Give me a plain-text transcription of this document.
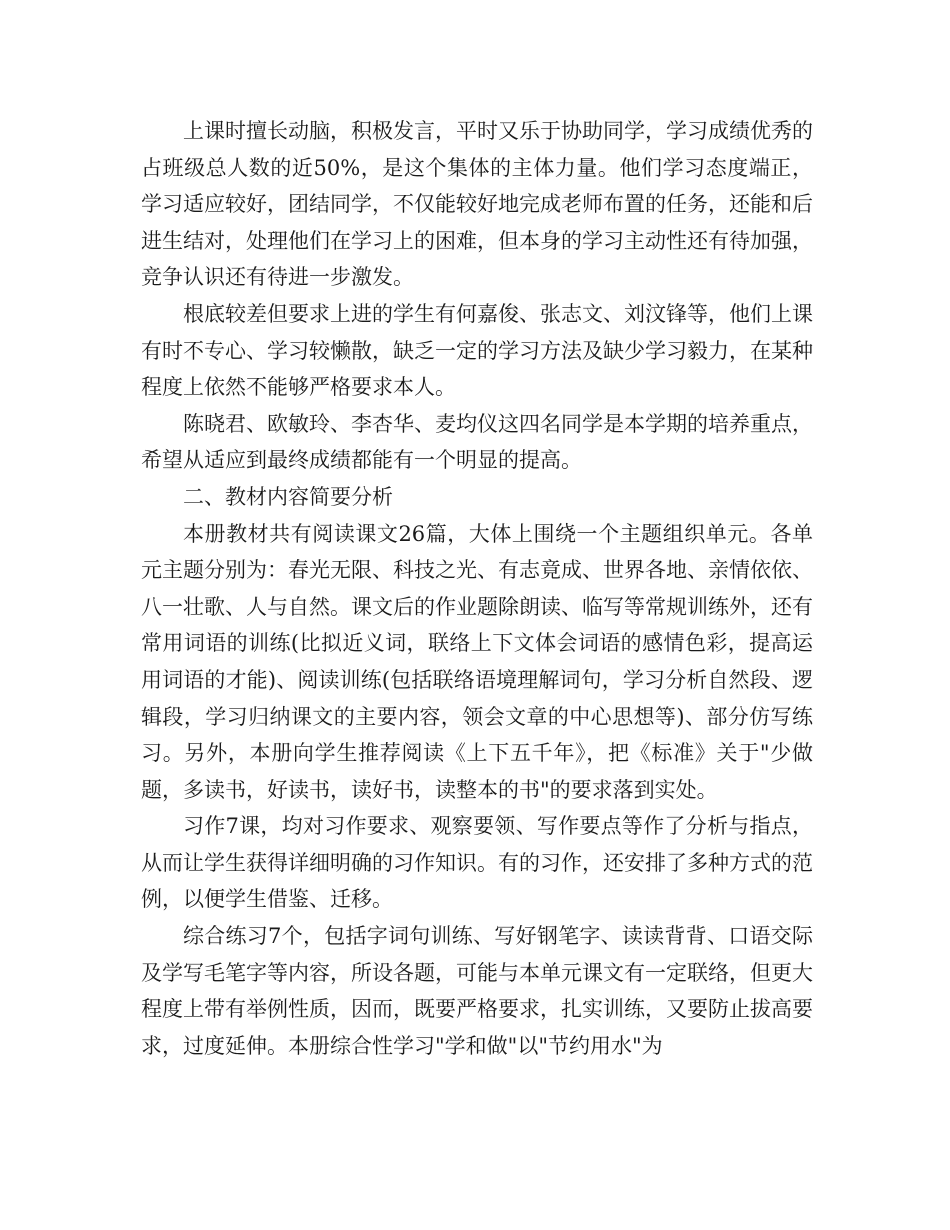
上课时擅长动脑，积极发言，平时又乐于协助同学，学习成绩优秀的占班级总人数的近50%，是这个集体的主体力量。他们学习态度端正，学习适应较好，团结同学，不仅能较好地完成老师布置的任务，还能和后进生结对，处理他们在学习上的困难，但本身的学习主动性还有待加强，竞争认识还有待进一步激发。

根底较差但要求上进的学生有何嘉俊、张志文、刘汶锋等，他们上课有时不专心、学习较懒散，缺乏一定的学习方法及缺少学习毅力，在某种程度上依然不能够严格要求本人。

陈晓君、欧敏玲、李杏华、麦均仪这四名同学是本学期的培养重点，希望从适应到最终成绩都能有一个明显的提高。

二、教材内容简要分析

本册教材共有阅读课文26篇，大体上围绕一个主题组织单元。各单元主题分别为：春光无限、科技之光、有志竟成、世界各地、亲情依依、八一壮歌、人与自然。课文后的作业题除朗读、临写等常规训练外，还有常用词语的训练(比拟近义词，联络上下文体会词语的感情色彩，提高运用词语的才能)、阅读训练(包括联络语境理解词句，学习分析自然段、逻辑段，学习归纳课文的主要内容，领会文章的中心思想等)、部分仿写练习。另外，本册向学生推荐阅读《上下五千年》，把《标准》关于"少做题，多读书，好读书，读好书，读整本的书"的要求落到实处。

习作7课，均对习作要求、观察要领、写作要点等作了分析与指点，从而让学生获得详细明确的习作知识。有的习作，还安排了多种方式的范例，以便学生借鉴、迁移。

综合练习7个，包括字词句训练、写好钢笔字、读读背背、口语交际及学写毛笔字等内容，所设各题，可能与本单元课文有一定联络，但更大程度上带有举例性质，因而，既要严格要求，扎实训练，又要防止拔高要求，过度延伸。本册综合性学习"学和做"以"节约用水"为
